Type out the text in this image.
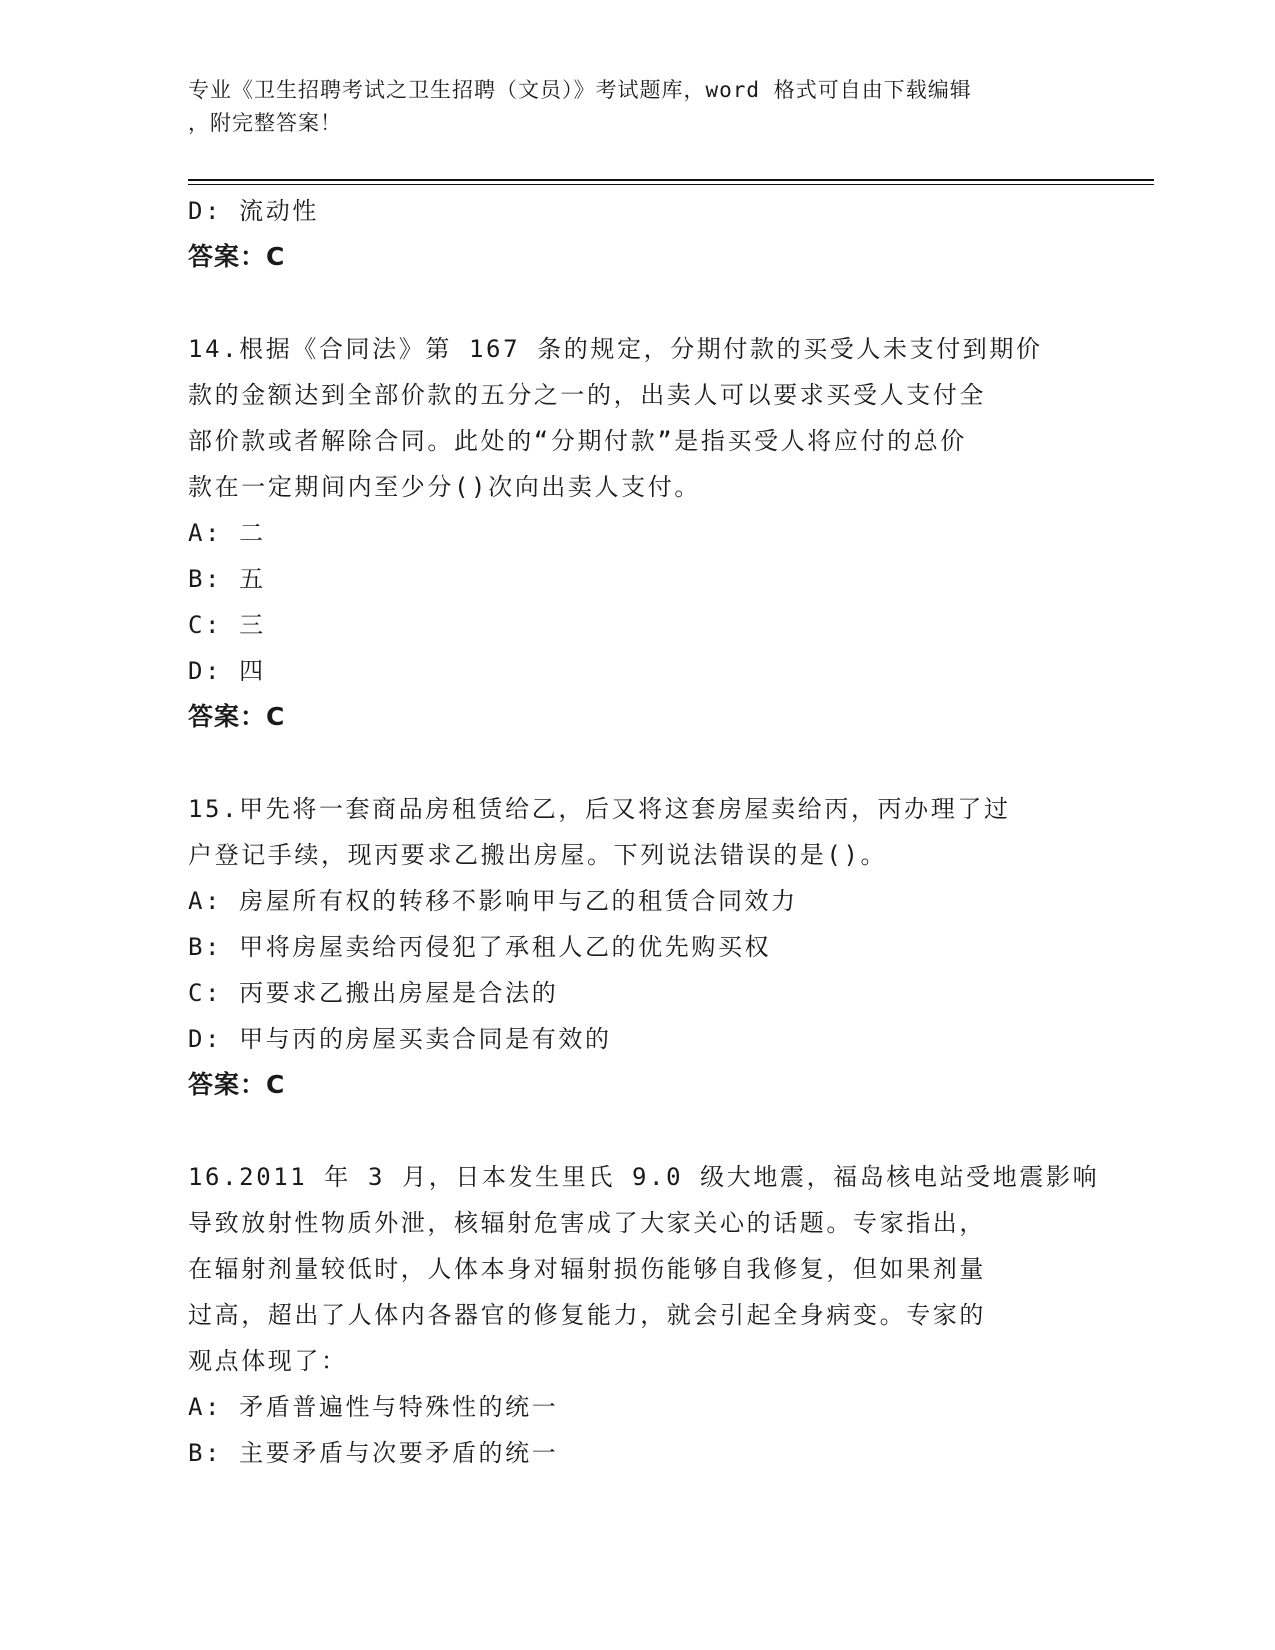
专业《卫生招聘考试之卫生招聘（文员）》考试题库，word 格式可自由下载编辑
，附完整答案！
D: 流动性
答案：C
14.根据《合同法》第 167 条的规定，分期付款的买受人未支付到期价
款的金额达到全部价款的五分之一的，出卖人可以要求买受人支付全
部价款或者解除合同。此处的“分期付款”是指买受人将应付的总价
款在一定期间内至少分()次向出卖人支付。
A: 二
B: 五
C: 三
D: 四
答案：C
15.甲先将一套商品房租赁给乙，后又将这套房屋卖给丙，丙办理了过
户登记手续，现丙要求乙搬出房屋。下列说法错误的是()。
A: 房屋所有权的转移不影响甲与乙的租赁合同效力
B: 甲将房屋卖给丙侵犯了承租人乙的优先购买权
C: 丙要求乙搬出房屋是合法的
D: 甲与丙的房屋买卖合同是有效的
答案：C
16.2011 年 3 月，日本发生里氏 9.0 级大地震，福岛核电站受地震影响
导致放射性物质外泄，核辐射危害成了大家关心的话题。专家指出，
在辐射剂量较低时，人体本身对辐射损伤能够自我修复，但如果剂量
过高，超出了人体内各器官的修复能力，就会引起全身病变。专家的
观点体现了：
A: 矛盾普遍性与特殊性的统一
B: 主要矛盾与次要矛盾的统一
